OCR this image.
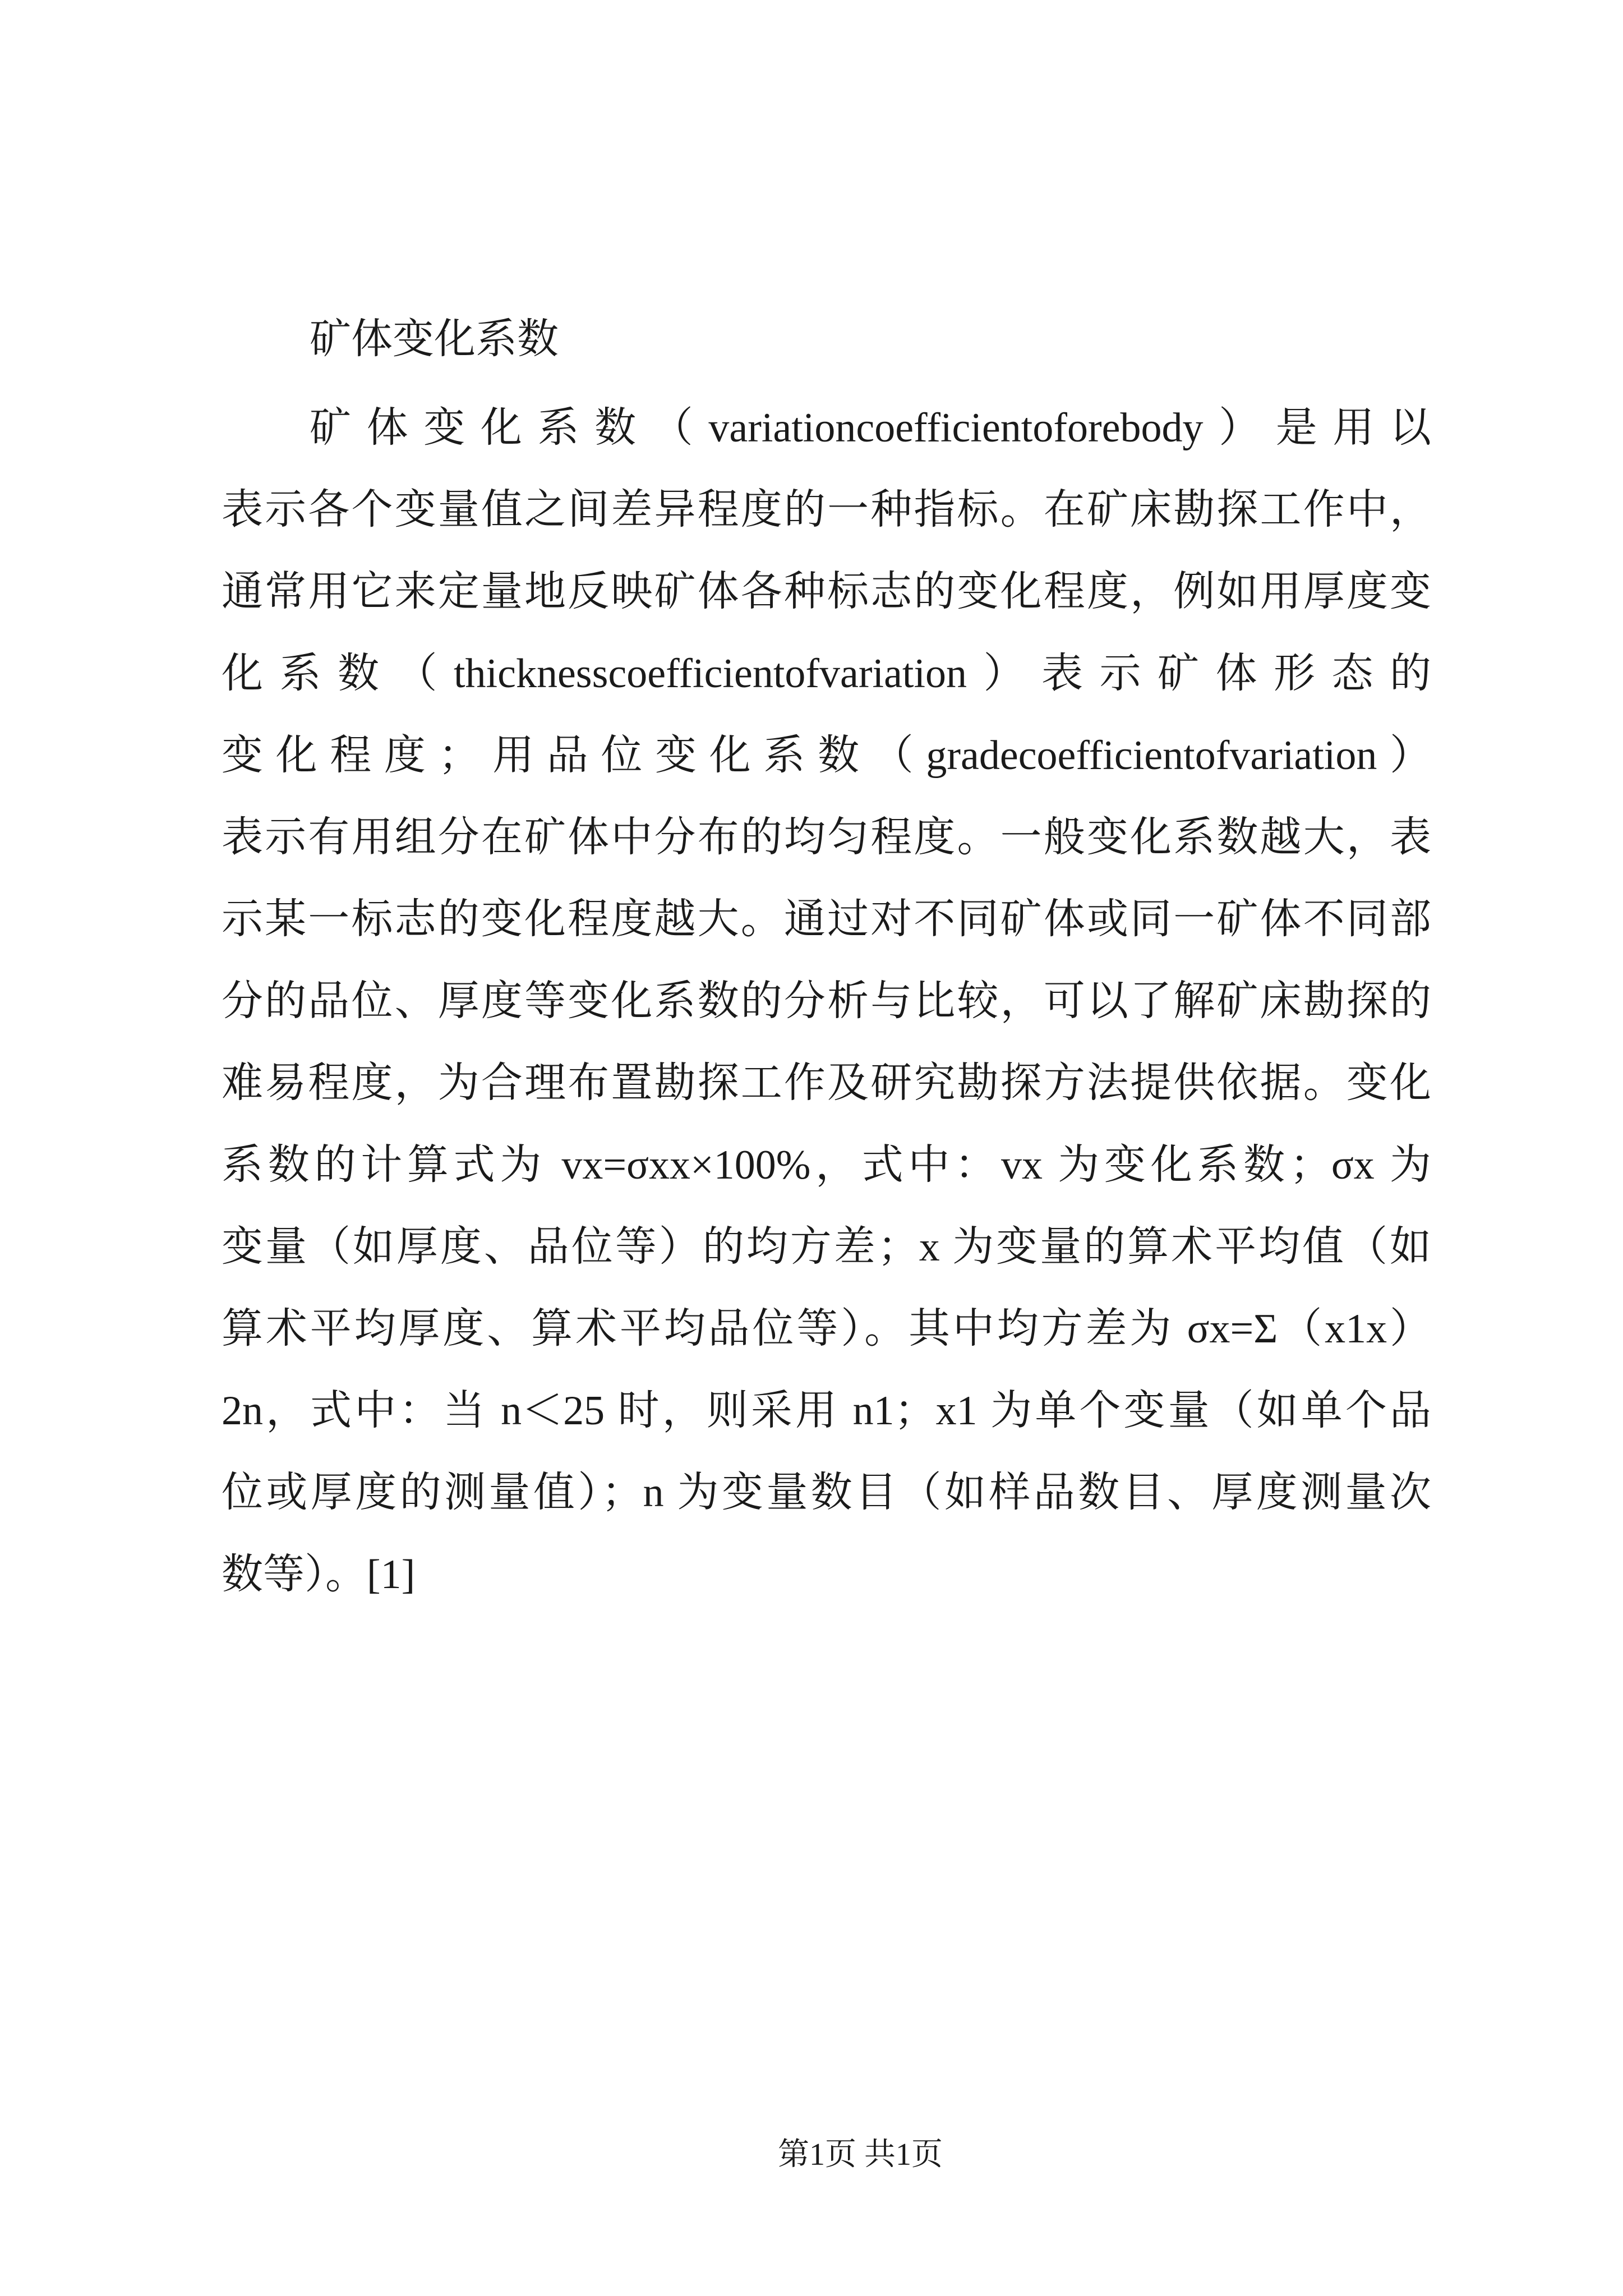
矿体变化系数
矿体变化系数（variationcoefficientoforebody）是用以
表示各个变量值之间差异程度的一种指标。在矿床勘探工作中，
通常用它来定量地反映矿体各种标志的变化程度，例如用厚度变
化系数（thicknesscoefficientofvariation）表示矿体形态的
变化程度；用品位变化系数（gradecoefficientofvariation）
表示有用组分在矿体中分布的均匀程度。一般变化系数越大，表
示某一标志的变化程度越大。通过对不同矿体或同一矿体不同部
分的品位、厚度等变化系数的分析与比较，可以了解矿床勘探的
难易程度，为合理布置勘探工作及研究勘探方法提供依据。变化
系数的计算式为 vx=σxx×100%，式中：vx 为变化系数；σx 为
变量（如厚度、品位等）的均方差；x 为变量的算术平均值（如
算术平均厚度、算术平均品位等）。其中均方差为 σx=Σ（x1x）
2n，式中：当 n＜25 时，则采用 n1；x1 为单个变量（如单个品
位或厚度的测量值）；n 为变量数目（如样品数目、厚度测量次
数等）。[1]
第1页 共1页
